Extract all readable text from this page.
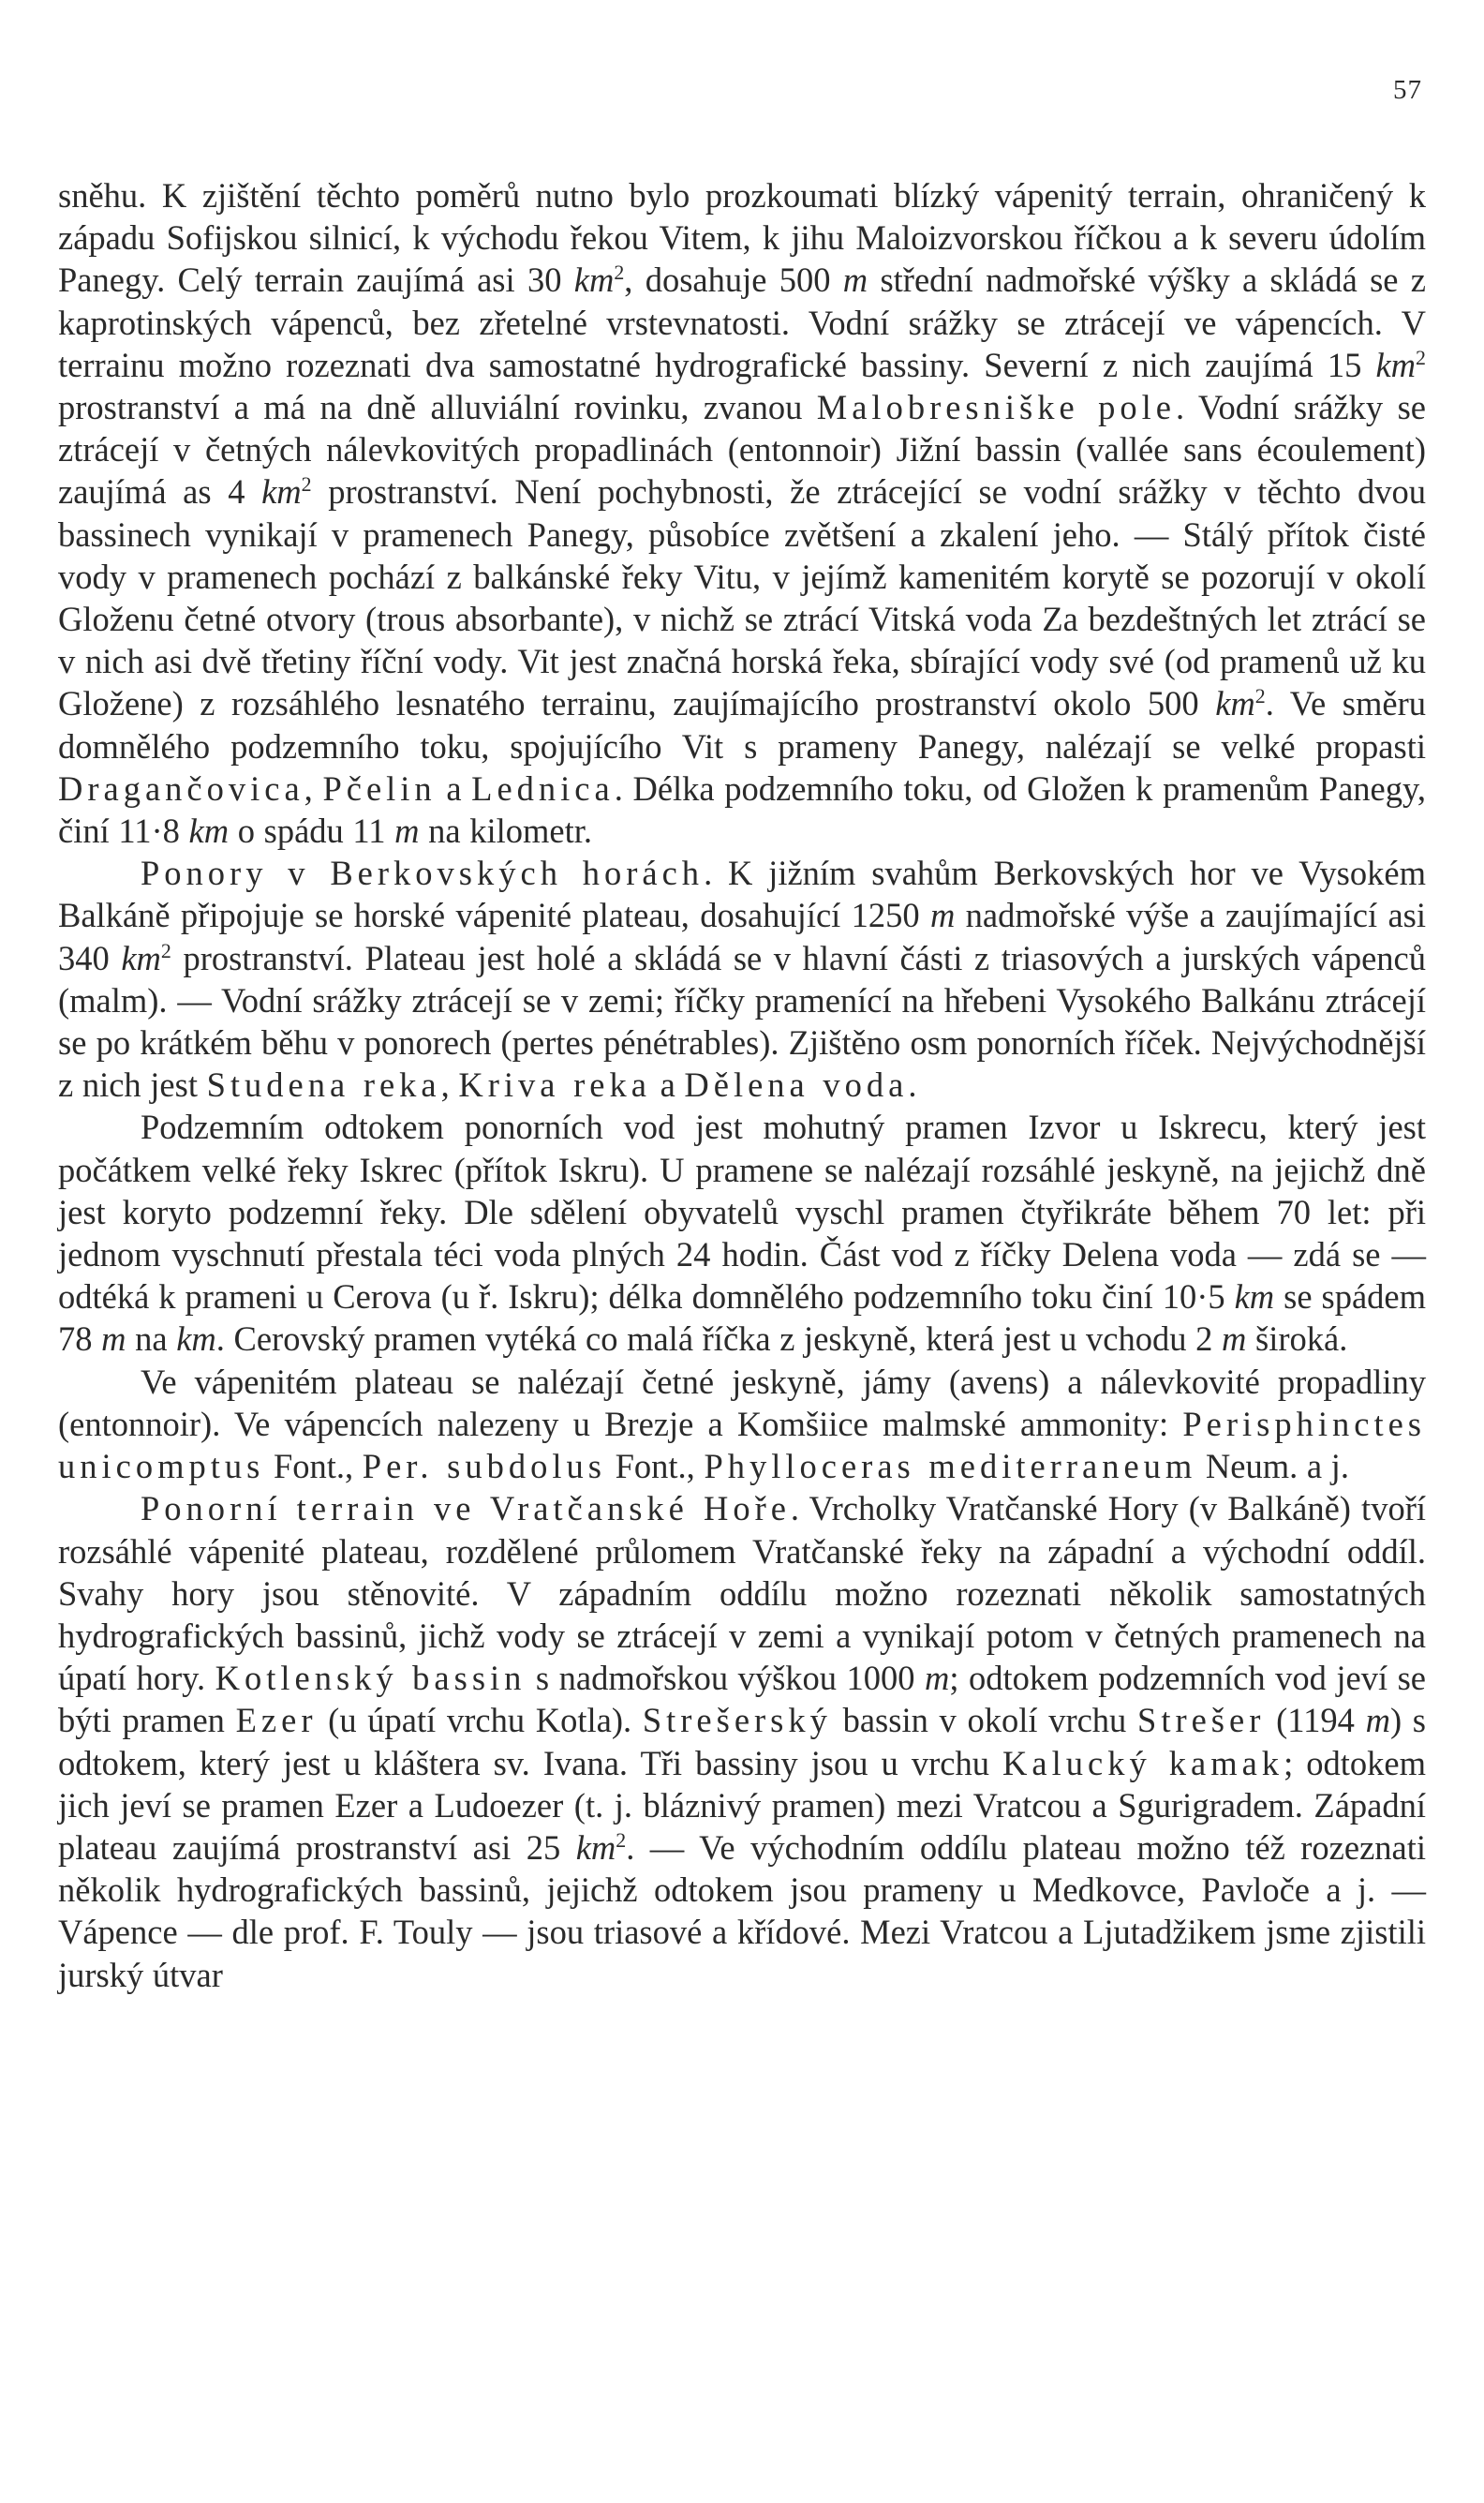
57

sněhu. K zjištění těchto poměrů nutno bylo prozkoumati blízký vápenitý terrain, ohraničený k západu Sofijskou silnicí, k východu řekou Vitem, k jihu Maloizvorskou říčkou a k severu údolím Panegy. Celý terrain zaujímá asi 30 $km^2$, dosahuje 500 m střední nadmořské výšky a skládá se z kaprotinských vápenců, bez zřetelné vrstevnatosti. Vodní srážky se ztrácejí ve vápencích. V terrainu možno rozeznati dva samostatné hydrografické bassiny. Severní z nich zaujímá 15 $km^2$ prostranství a má na dně alluviální rovinku, zvanou Malobresniške pole. Vodní srážky se ztrácejí v četných nálevkovitých propadlinách (entonnoir) Jižní bassin (vallée sans écoulement) zaujímá as 4 $km^2$ prostranství. Není pochybnosti, že ztrácející se vodní srážky v těchto dvou bassinech vynikají v pramenech Panegy, působíce zvětšení a zkalení jeho. — Stálý přítok čisté vody v pramenech pochází z balkánské řeky Vitu, v jejímž kamenitém korytě se pozorují v okolí Gloženu četné otvory (trous absorbante), v nichž se ztrácí Vitská voda Za bezdeštných let ztrácí se v nich asi dvě třetiny říční vody. Vit jest značná horská řeka, sbírající vody své (od pramenů už ku Gložene) z rozsáhlého lesnatého terrainu, zaujímajícího prostranství okolo 500 $km^2$. Ve směru domnělého podzemního toku, spojujícího Vit s prameny Panegy, nalézají se velké propasti Dragančovica, Pčelin a Lednica. Délka podzemního toku, od Gložen k pramenům Panegy, činí 11·8 km o spádu 11 m na kilometr.

Ponory v Berkovských horách. K jižním svahům Berkovských hor ve Vysokém Balkáně připojuje se horské vápenité plateau, dosahující 1250 m nadmořské výše a zaujímající asi 340 $km^2$ prostranství. Plateau jest holé a skládá se v hlavní části z triasových a jurských vápenců (malm). — Vodní srážky ztrácejí se v zemi; říčky pramenící na hřebeni Vysokého Balkánu ztrácejí se po krátkém běhu v ponorech (pertes pénétrables). Zjištěno osm ponorních říček. Nejvýchodnější z nich jest Studena reka, Kriva reka a Dělena voda.

Podzemním odtokem ponorních vod jest mohutný pramen Izvor u Iskrecu, který jest počátkem velké řeky Iskrec (přítok Iskru). U pramene se nalézají rozsáhlé jeskyně, na jejichž dně jest koryto podzemní řeky. Dle sdělení obyvatelů vyschl pramen čtyřikráte během 70 let: při jednom vyschnutí přestala téci voda plných 24 hodin. Část vod z říčky Delena voda — zdá se — odtéká k prameni u Cerova (u ř. Iskru); délka domnělého podzemního toku činí 10·5 km se spádem 78 m na km. Cerovský pramen vytéká co malá říčka z jeskyně, která jest u vchodu 2 m široká.

Ve vápenitém plateau se nalézají četné jeskyně, jámy (avens) a nálevkovité propadliny (entonnoir). Ve vápencích nalezeny u Brezje a Komšiice malmské ammonity: Perisphinctes unicomptus Font., Per. subdolus Font., Phylloceras mediterraneum Neum. a j.

Ponorní terrain ve Vratčanské Hoře. Vrcholky Vratčanské Hory (v Balkáně) tvoří rozsáhlé vápenité plateau, rozdělené průlomem Vratčanské řeky na západní a východní oddíl. Svahy hory jsou stěnovité. V západním oddílu možno rozeznati několik samostatných hydrografických bassinů, jichž vody se ztrácejí v zemi a vynikají potom v četných pramenech na úpatí hory. Kotlenský bassin s nadmořskou výškou 1000 m; odtokem podzemních vod jeví se býti pramen Ezer (u úpatí vrchu Kotla). Strešerský bassin v okolí vrchu Strešer (1194 m) s odtokem, který jest u kláštera sv. Ivana. Tři bassiny jsou u vrchu Kalucký kamak; odtokem jich jeví se pramen Ezer a Ludoezer (t. j. bláznivý pramen) mezi Vratcou a Sgurigradem. Západní plateau zaujímá prostranství asi 25 $km^2$. — Ve východním oddílu plateau možno též rozeznati několik hydrografických bassinů, jejichž odtokem jsou prameny u Medkovce, Pavloče a j. — Vápence — dle prof. F. Touly — jsou triasové a křídové. Mezi Vratcou a Ljutadžikem jsme zjistili jurský útvar
